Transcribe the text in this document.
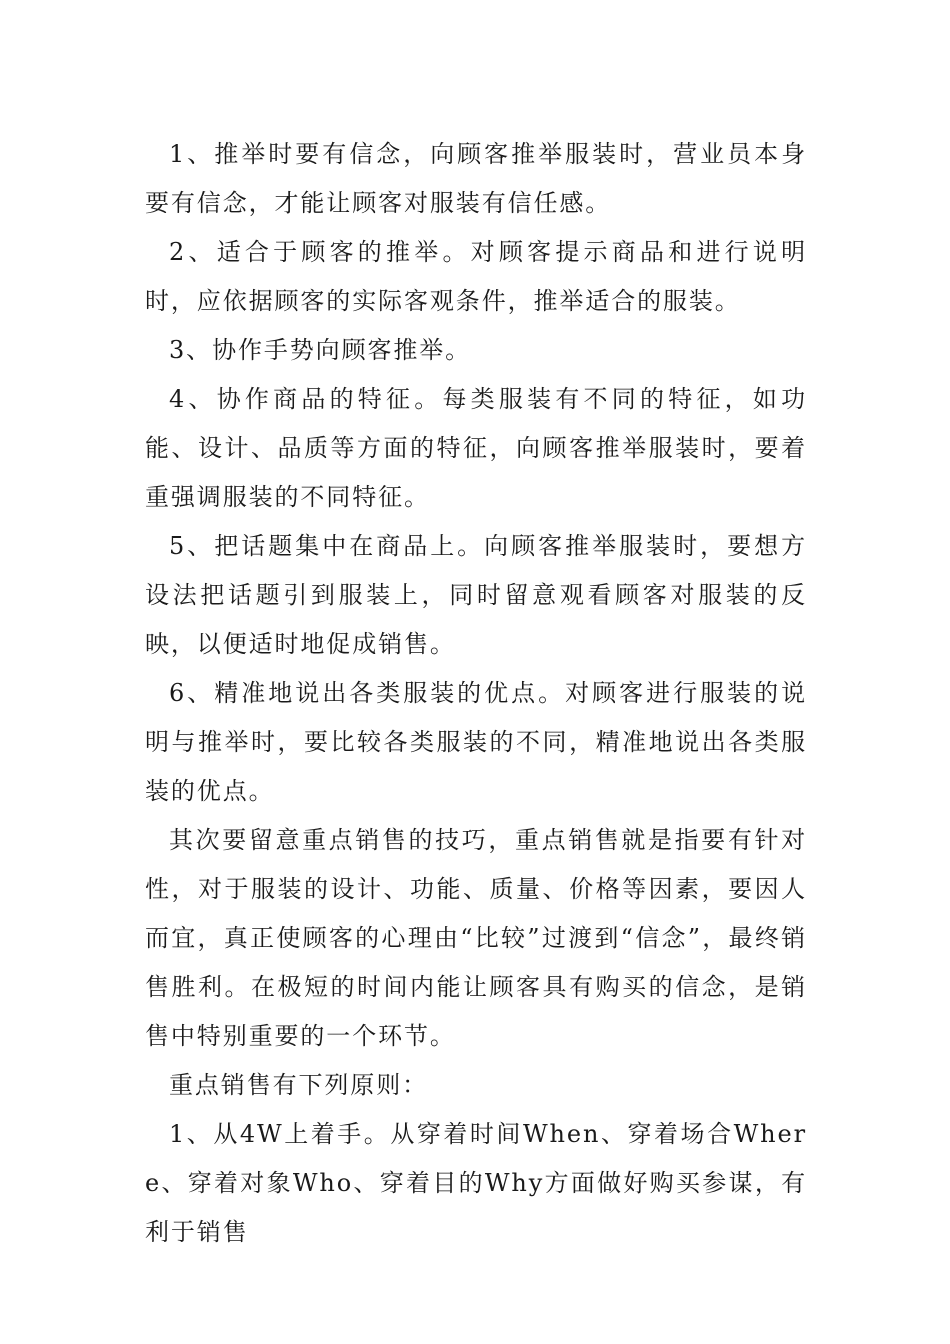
1、推举时要有信念，向顾客推举服装时，营业员本身要有信念，才能让顾客对服装有信任感。

2、适合于顾客的推举。对顾客提示商品和进行说明时，应依据顾客的实际客观条件，推举适合的服装。

3、协作手势向顾客推举。

4、协作商品的特征。每类服装有不同的特征，如功能、设计、品质等方面的特征，向顾客推举服装时，要着重强调服装的不同特征。

5、把话题集中在商品上。向顾客推举服装时，要想方设法把话题引到服装上，同时留意观看顾客对服装的反映，以便适时地促成销售。

6、精准地说出各类服装的优点。对顾客进行服装的说明与推举时，要比较各类服装的不同，精准地说出各类服装的优点。

其次要留意重点销售的技巧，重点销售就是指要有针对性，对于服装的设计、功能、质量、价格等因素，要因人而宜，真正使顾客的心理由“比较”过渡到“信念”，最终销售胜利。在极短的时间内能让顾客具有购买的信念，是销售中特别重要的一个环节。

重点销售有下列原则：

1、从4W上着手。从穿着时间When、穿着场合Where、穿着对象Who、穿着目的Why方面做好购买参谋，有利于销售
